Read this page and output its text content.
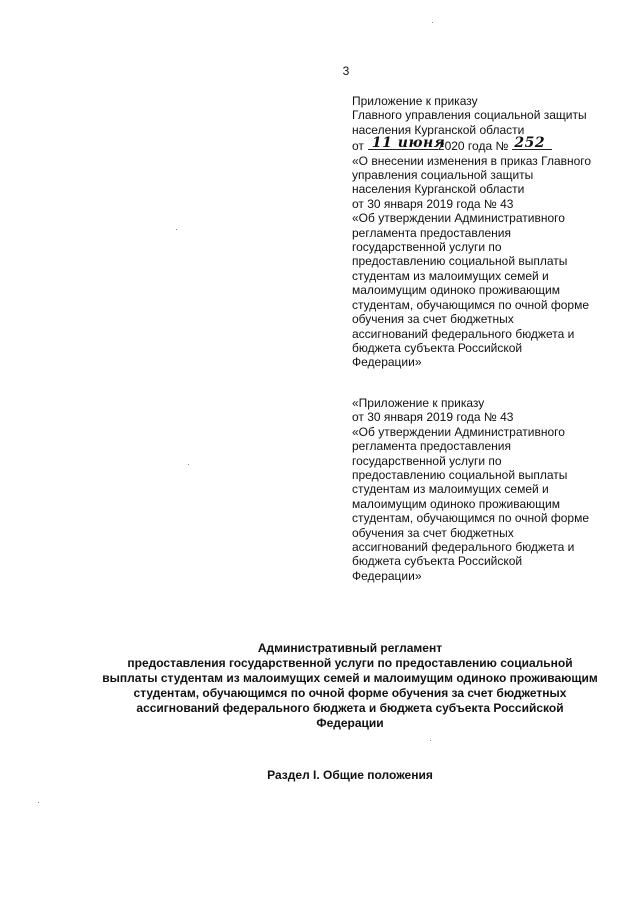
3
Приложение к приказу
Главного управления социальной защиты
населения Курганской области
от 11 июня
2020 года № 252
«О внесении изменения в приказ Главного
управления социальной защиты
населения Курганской области
от 30 января 2019 года № 43
«Об утверждении Административного
регламента предоставления
государственной услуги по
предоставлению социальной выплаты
студентам из малоимущих семей и
малоимущим одиноко проживающим
студентам, обучающимся по очной форме
обучения за счет бюджетных
ассигнований федерального бюджета и
бюджета субъекта Российской
Федерации»
«Приложение к приказу
от 30 января 2019 года № 43
«Об утверждении Административного
регламента предоставления
государственной услуги по
предоставлению социальной выплаты
студентам из малоимущих семей и
малоимущим одиноко проживающим
студентам, обучающимся по очной форме
обучения за счет бюджетных
ассигнований федерального бюджета и
бюджета субъекта Российской
Федерации»
Административный регламент
предоставления государственной услуги по предоставлению социальной
выплаты студентам из малоимущих семей и малоимущим одиноко проживающим
студентам, обучающимся по очной форме обучения за счет бюджетных
ассигнований федерального бюджета и бюджета субъекта Российской
Федерации
Раздел I. Общие положения
